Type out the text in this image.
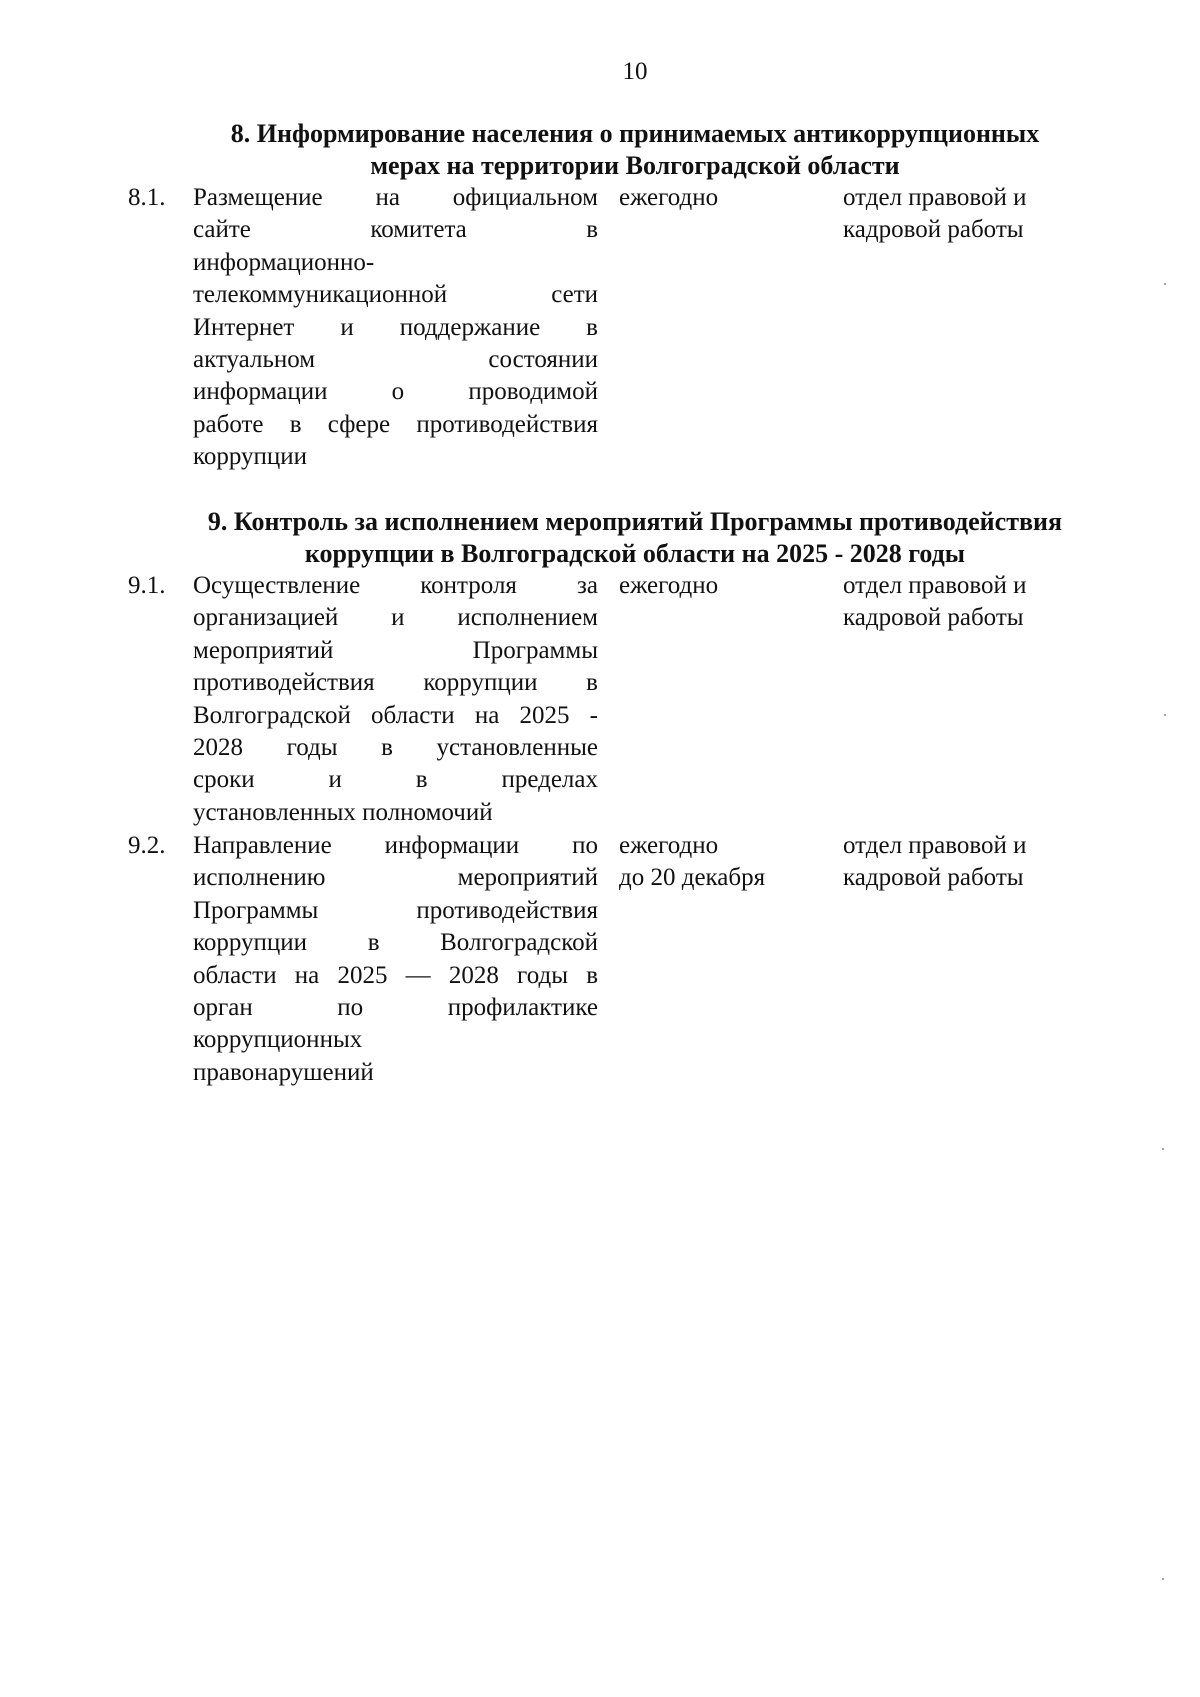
10

8. Информирование населения о принимаемых антикоррупционных
мерах на территории Волгоградской области

8.1. Размещение на официальном
сайте комитета в
информационно-
телекоммуникационной сети
Интернет и поддержание в
актуальном состоянии
информации о проводимой
работе в сфере противодействия
коррупции
ежегодно	отдел правовой и
кадровой работы

9. Контроль за исполнением мероприятий Программы противодействия
коррупции в Волгоградской области на 2025 - 2028 годы

9.1. Осуществление контроля за
организацией и исполнением
мероприятий Программы
противодействия коррупции в
Волгоградской области на 2025 -
2028 годы в установленные
сроки и в пределах
установленных полномочий
ежегодно	отдел правовой и
кадровой работы
9.2. Направление информации по
исполнению мероприятий
Программы противодействия
коррупции в Волгоградской
области на 2025 — 2028 годы в
орган по профилактике
коррупционных
правонарушений
ежегодно
до 20 декабря
отдел правовой и
кадровой работы
